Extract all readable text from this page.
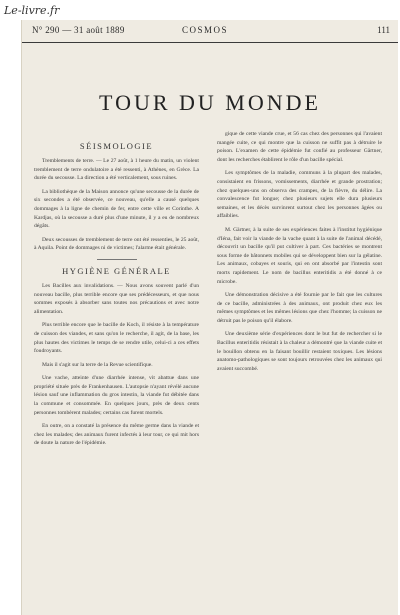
Le-livre.fr
N° 290 — 31 août 1889	COSMOS	111
TOUR DU MONDE
SÉISMOLOGIE

Tremblements de terre. — Le 27 août, à 1 heure du matin, un violent tremblement de terre ondulatoire a été ressenti, à Athènes, en Grèce. La durée du secousse. La direction a été verticalement, sous ruines.

La bibliothèque de la Maison annonce qu'une secousse de la durée de six secondes a été observée, ce nouveau, qu'elle a causé quelques dommages à la ligne de chemin de fer, entre cette ville et Corinthe. A Kardjas, où la secousse a duré plus d'une minute, il y a eu de nombreux dégâts.

Deux secousses de tremblement de terre ont été ressenties, le 25 août, à Aquila. Point de dommages ni de victimes; l'alarme était générale.

HYGIÈNE GÉNÉRALE

Les Bacilles aux invalidations. — Nous avons souvent parlé d'un nouveau bacille, plus terrible encore que ses prédécesseurs, et que nous sommes exposés à absorber sans toutes nos précautions et avec notre alimentation.

Plus terrible encore que le bacille de Koch, il résiste à la température de cuisson des viandes, et sans qu'on le recherche, il agit, de la base, les plus hautes des victimes le temps de se rendre utile, celui-ci a ces effets foudroyants.

Mais il s'agit sur la terre de la Revue scientifique.

Une vache, atteinte d'une diarrhée intense, vit abattue dans une propriété située près de Frankenhausen. L'autopsie n'ayant révélé aucune lésion sauf une inflammation du gros intestin, la viande fut débitée dans la commune et consommée. En quelques jours, près de deux cents personnes tombèrent malades; certains cas furent mortels.

En outre, on a constaté la présence du même germe dans la viande et chez les malades; des animaux furent infectés à leur tour, ce qui mit hors de doute la nature de l'épidémie.

gique de cette viande crue, et 56 cas chez des personnes qui l'avaient mangée cuite, ce qui montre que la cuisson ne suffit pas à détruire le poison. L'examen de cette épidémie fut confié au professeur Gärtner, dont les recherches établirent le rôle d'un bacille spécial.

Les symptômes de la maladie, communs à la plupart des malades, consistaient en frissons, vomissements, diarrhée et grande prostration; chez quelques-uns on observa des crampes, de la fièvre, du délire. La convalescence fut longue; chez plusieurs sujets elle dura plusieurs semaines, et les décès survinrent surtout chez les personnes âgées ou affaiblies.

M. Gärtner, à la suite de ses expériences faites à l'institut hygiénique d'Iéna, fait voir la viande de la vache quant à la suite de l'animal décédé, découvrit un bacille qu'il put cultiver à part. Ces bactéries se montrent sous forme de bâtonnets mobiles qui se développent bien sur la gélatine. Les animaux, cobayes et souris, qui en ont absorbé par l'intestin sont morts rapidement. Le nom de bacillus enteritidis a été donné à ce microbe.

Une démonstration décisive a été fournie par le fait que les cultures de ce bacille, administrées à des animaux, ont produit chez eux les mêmes symptômes et les mêmes lésions que chez l'homme; la cuisson ne détruit pas le poison qu'il élabore.

Une deuxième série d'expériences dont le but fut de rechercher si le Bacillus enteritidis résistait à la chaleur a démontré que la viande cuite et le bouillon obtenu en la faisant bouillir restaient toxiques. Les lésions anatomo-pathologiques se sont toujours retrouvées chez les animaux qui avaient succombé.
